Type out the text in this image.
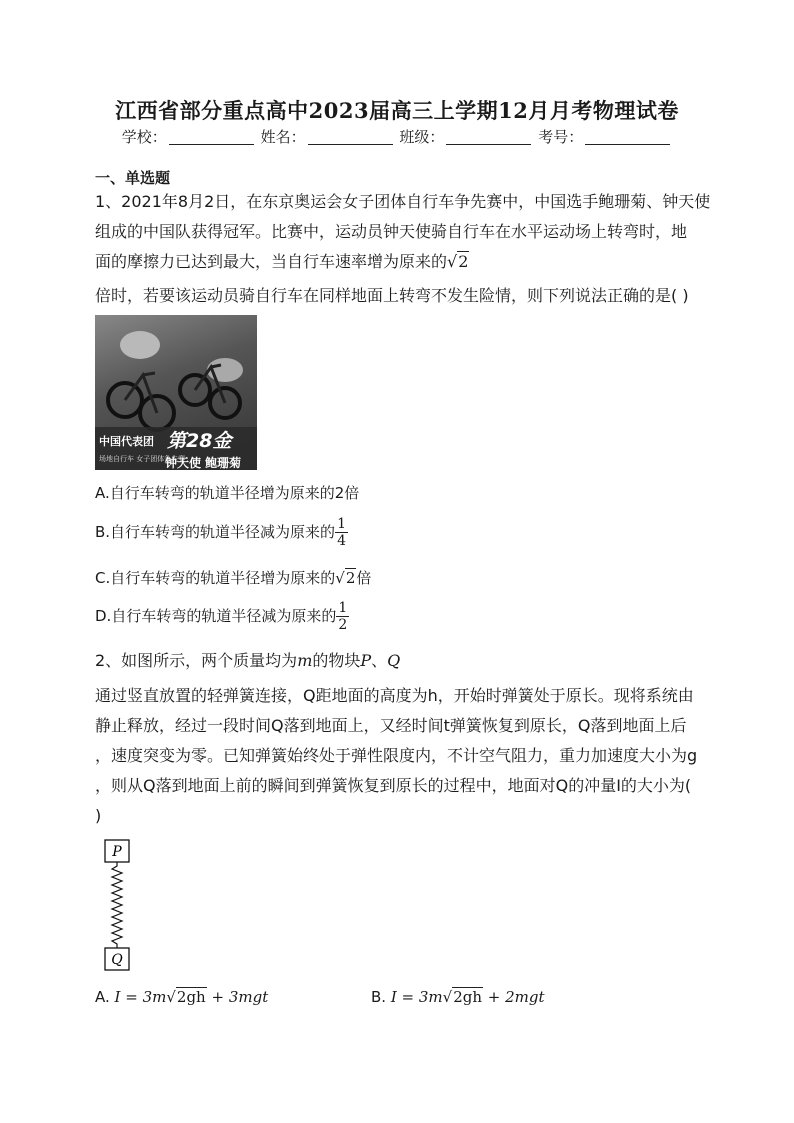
江西省部分重点高中2023届高三上学期12月月考物理试卷
学校：	姓名：	班级：	考号：
一、单选题
1、2021年8月2日，在东京奥运会女子团体自行车争先赛中，中国选手鲍珊菊、钟天使
组成的中国队获得冠军。比赛中，运动员钟天使骑自行车在水平运动场上转弯时，地
面的摩擦力已达到最大，当自行车速率增为原来的√2
倍时，若要该运动员骑自行车在同样地面上转弯不发生险情，则下列说法正确的是( )
中国代表团 第28金
场地自行车 女子团体争先赛
钟天使 鲍珊菊
A.自行车转弯的轨道半径增为原来的2倍
B.自行车转弯的轨道半径减为原来的 $\frac{1}{4}$
C.自行车转弯的轨道半径增为原来的√2倍
D.自行车转弯的轨道半径减为原来的 $\frac{1}{2}$
2、如图所示，两个质量均为m的物块P、Q
通过竖直放置的轻弹簧连接，Q距地面的高度为h，开始时弹簧处于原长。现将系统由
静止释放，经过一段时间Q落到地面上，又经时间t弹簧恢复到原长，Q落到地面上后
，速度突变为零。已知弹簧始终处于弹性限度内，不计空气阻力，重力加速度大小为g
，则从Q落到地面上前的瞬间到弹簧恢复到原长的过程中，地面对Q的冲量I的大小为(
)
P
Q
A. I = 3m√2gh + 3mgt	B. I = 3m√2gh + 2mgt
